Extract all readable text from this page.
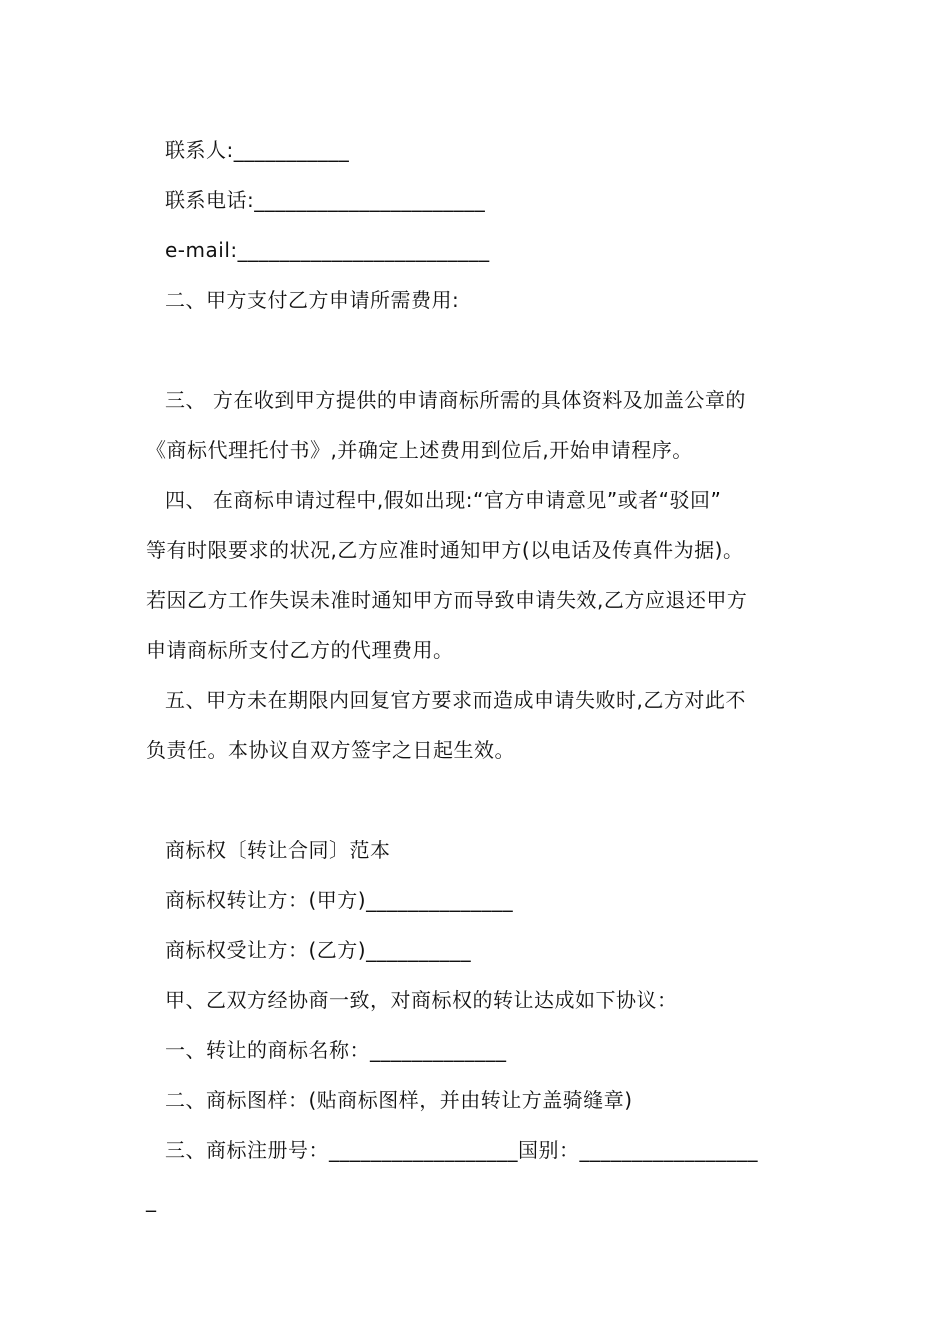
联系人:___________
联系电话:______________________
e-mail:________________________
二、甲方支付乙方申请所需费用:
三、 方在收到甲方提供的申请商标所需的具体资料及加盖公章的
《商标代理托付书》,并确定上述费用到位后,开始申请程序。
四、 在商标申请过程中,假如出现:“官方申请意见”或者“驳回”
等有时限要求的状况,乙方应准时通知甲方(以电话及传真件为据)。
若因乙方工作失误未准时通知甲方而导致申请失效,乙方应退还甲方
申请商标所支付乙方的代理费用。
五、甲方未在期限内回复官方要求而造成申请失败时,乙方对此不
负责任。本协议自双方签字之日起生效。
商标权〔转让合同〕范本
商标权转让方：(甲方)______________
商标权受让方：(乙方)__________
甲、乙双方经协商一致，对商标权的转让达成如下协议：
一、转让的商标名称：_____________
二、商标图样：(贴商标图样，并由转让方盖骑缝章)
三、商标注册号：__________________国别：_________________
_
